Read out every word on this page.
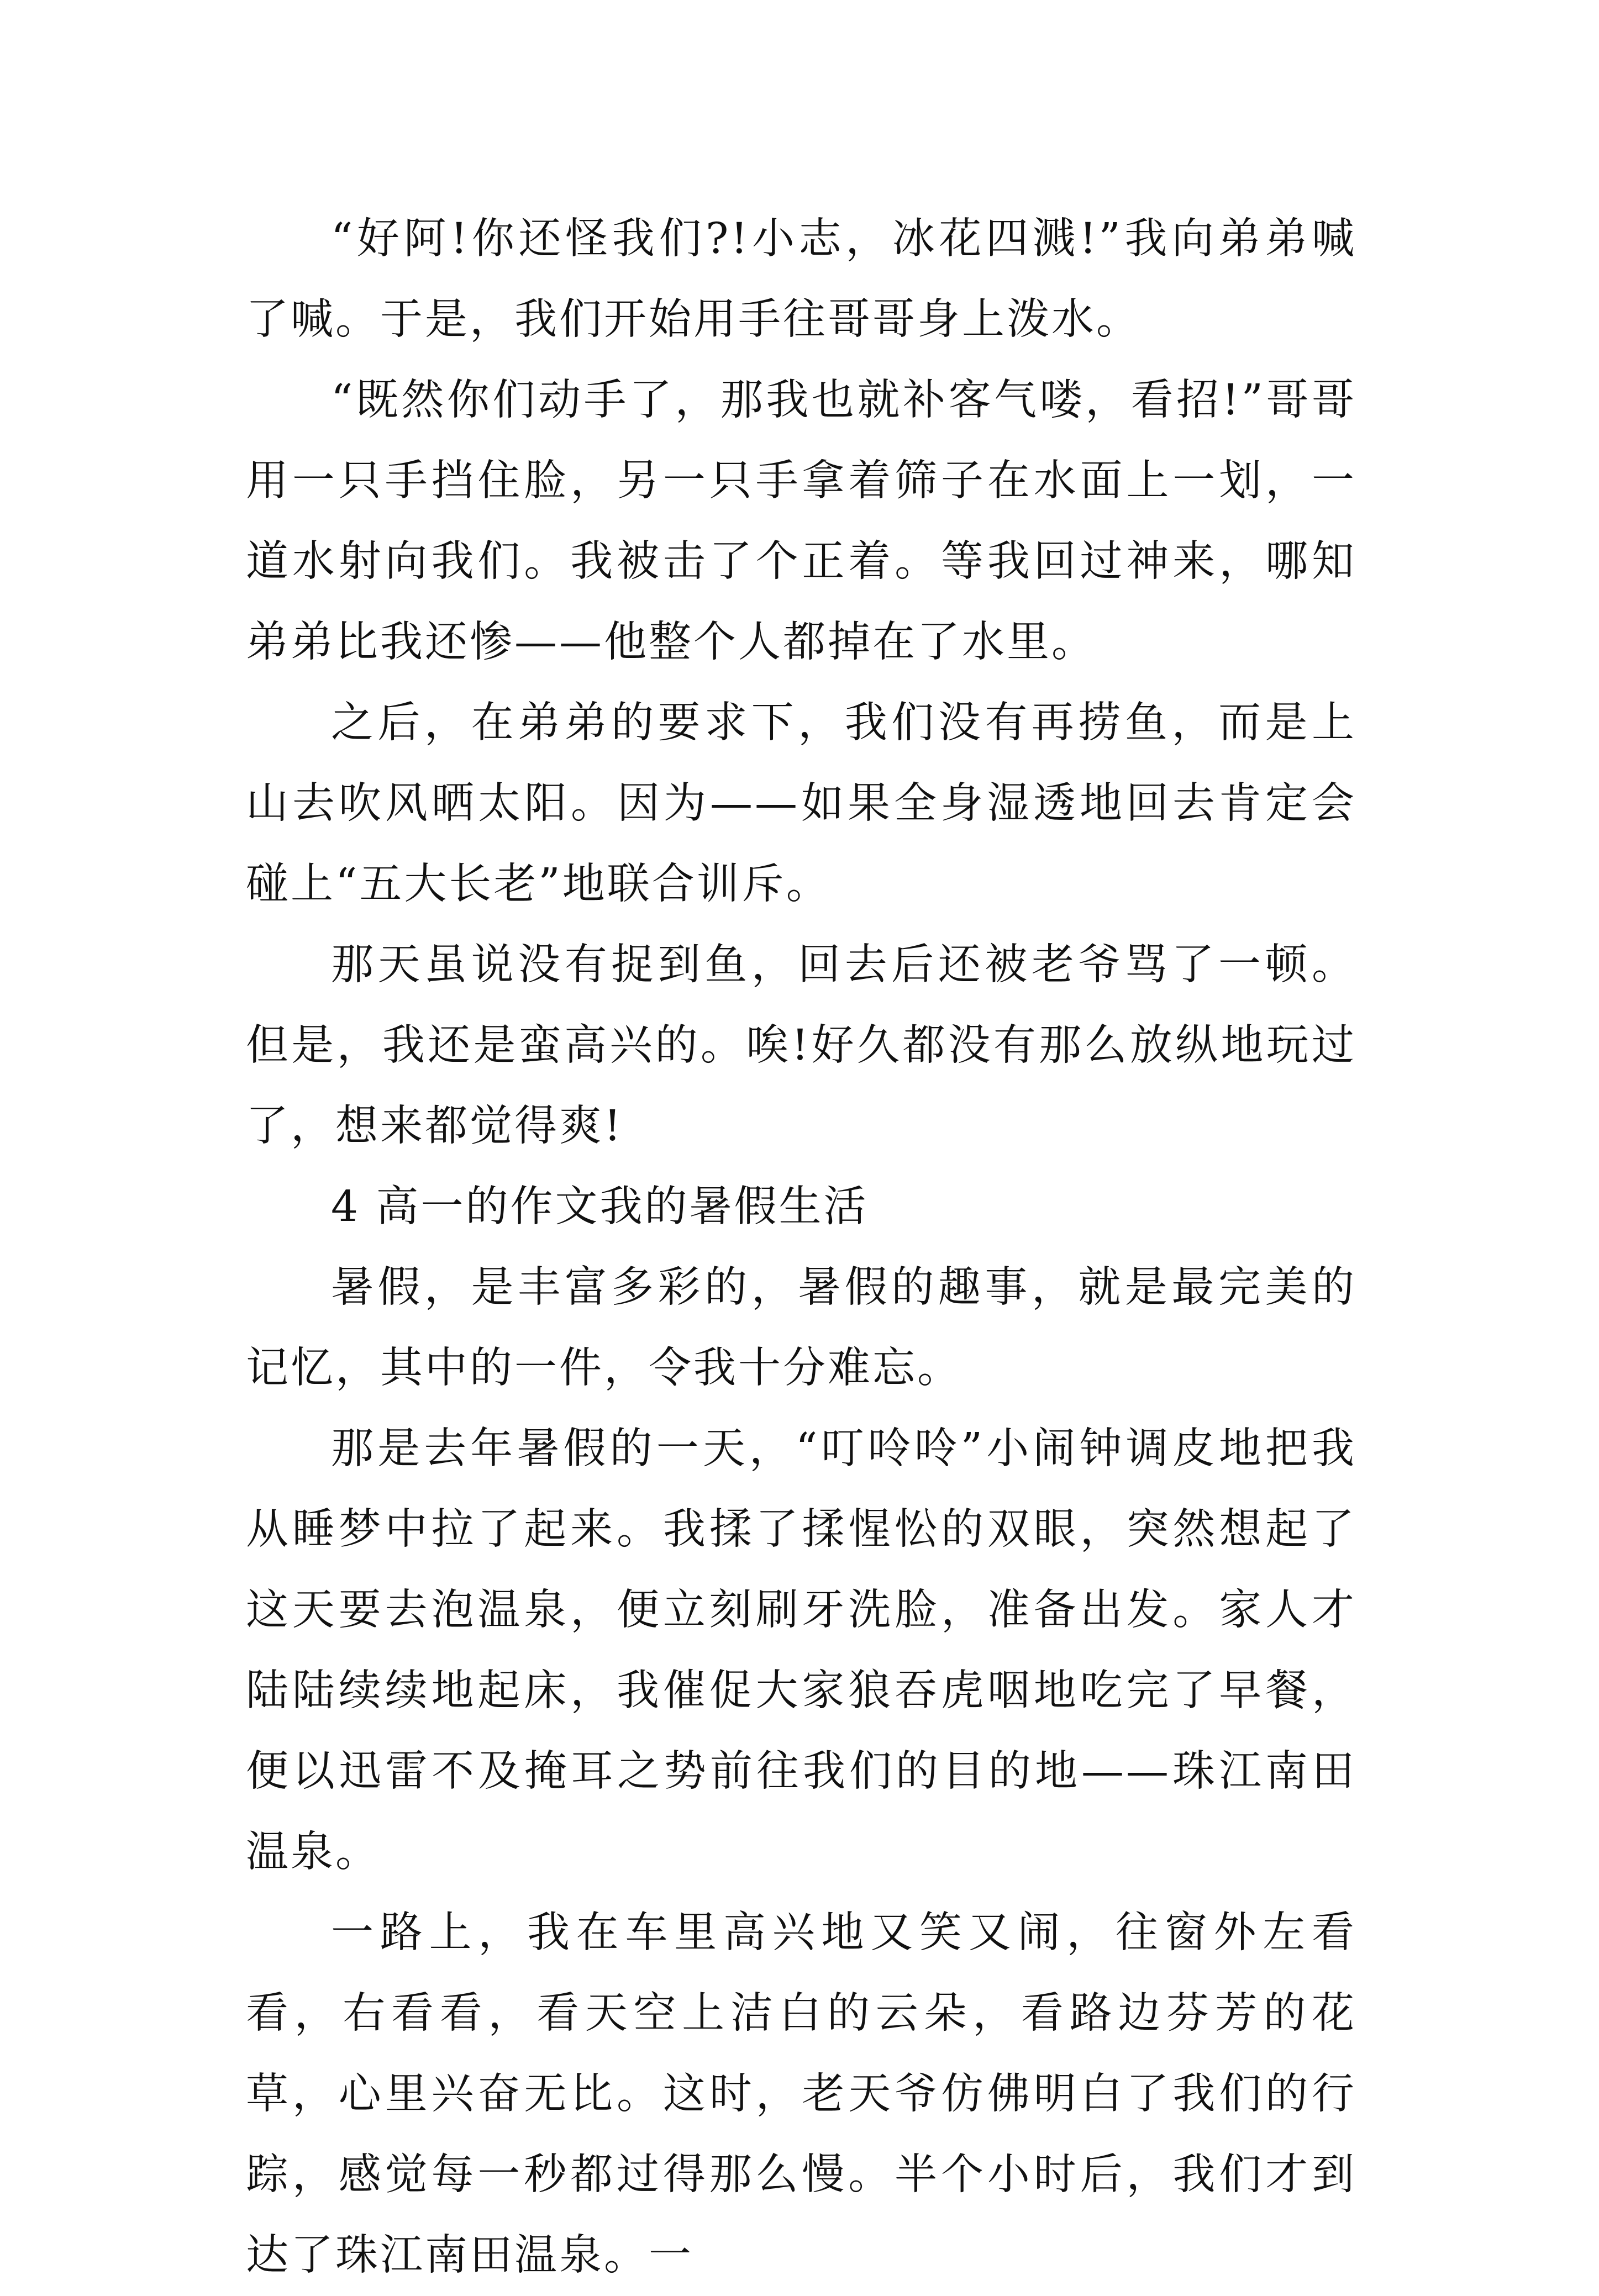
“好阿!你还怪我们?!小志，冰花四溅!”我向弟弟喊了喊。于是，我们开始用手往哥哥身上泼水。

“既然你们动手了，那我也就补客气喽，看招!”哥哥用一只手挡住脸，另一只手拿着筛子在水面上一划，一道水射向我们。我被击了个正着。等我回过神来，哪知弟弟比我还惨——他整个人都掉在了水里。

之后，在弟弟的要求下，我们没有再捞鱼，而是上山去吹风晒太阳。因为——如果全身湿透地回去肯定会碰上“五大长老”地联合训斥。

那天虽说没有捉到鱼，回去后还被老爷骂了一顿。但是，我还是蛮高兴的。唉!好久都没有那么放纵地玩过了，想来都觉得爽!

4 高一的作文我的暑假生活

暑假，是丰富多彩的，暑假的趣事，就是最完美的记忆，其中的一件，令我十分难忘。

那是去年暑假的一天，“叮呤呤”小闹钟调皮地把我从睡梦中拉了起来。我揉了揉惺忪的双眼，突然想起了这天要去泡温泉，便立刻刷牙洗脸，准备出发。家人才陆陆续续地起床，我催促大家狼吞虎咽地吃完了早餐，便以迅雷不及掩耳之势前往我们的目的地——珠江南田温泉。

一路上，我在车里高兴地又笑又闹，往窗外左看看，右看看，看天空上洁白的云朵，看路边芬芳的花草，心里兴奋无比。这时，老天爷仿佛明白了我们的行踪，感觉每一秒都过得那么慢。半个小时后，我们才到达了珠江南田温泉。一
